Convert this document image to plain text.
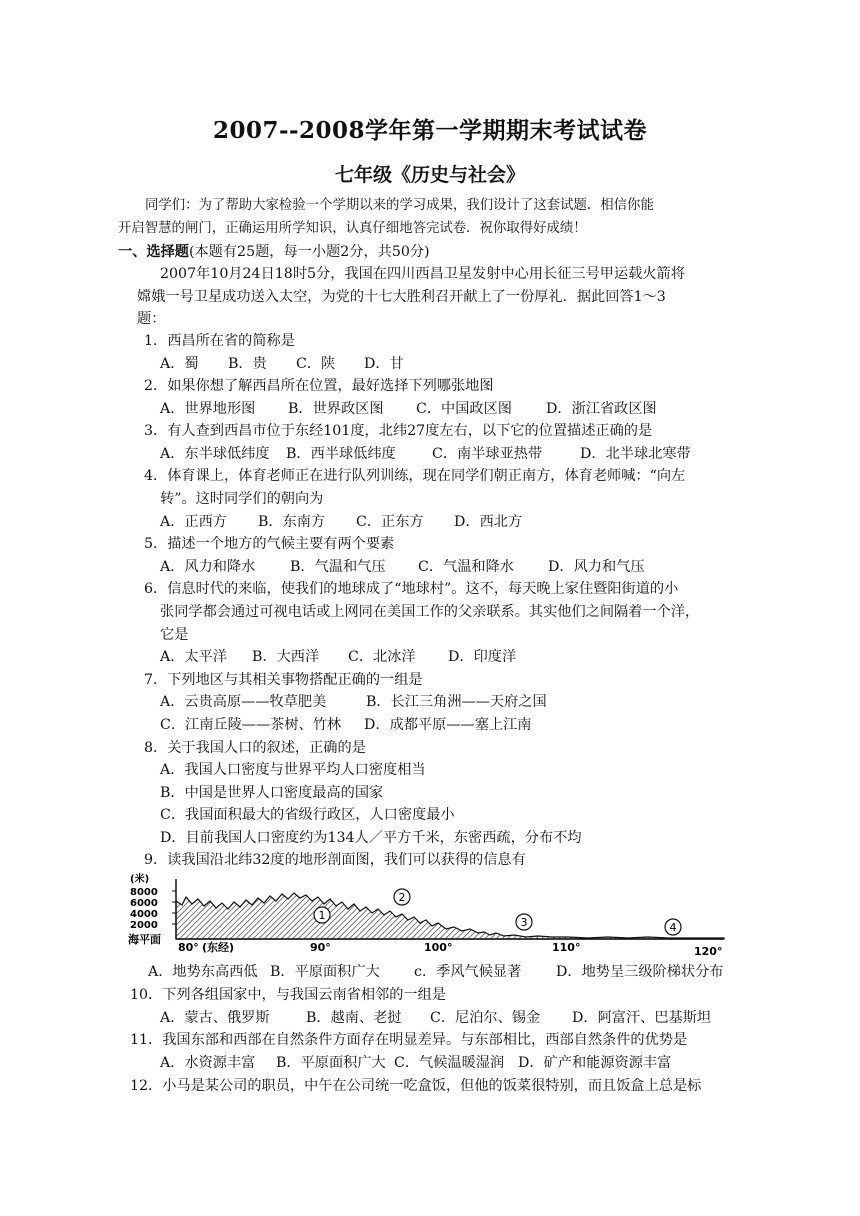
2007--2008学年第一学期期末考试试卷
七年级《历史与社会》
同学们：为了帮助大家检验一个学期以来的学习成果，我们设计了这套试题．相信你能
开启智慧的闸门，正确运用所学知识，认真仔细地答完试卷．祝你取得好成绩！
一、选择题(本题有25题，每一小题2分，共50分)
2007年10月24日18时5分，我国在四川西昌卫星发射中心用长征三号甲运载火箭将
嫦娥一号卫星成功送入太空，为党的十七大胜利召开献上了一份厚礼．据此回答1～3
题：
1．西昌所在省的简称是
A．蜀 B．贵 C．陕 D．甘
2．如果你想了解西昌所在位置，最好选择下列哪张地图
A．世界地形图 B．世界政区图 C．中国政区图 D．浙江省政区图
3．有人查到西昌市位于东经101度，北纬27度左右，以下它的位置描述正确的是
A．东半球低纬度 B．西半球低纬度	C．南半球亚热带	D．北半球北寒带
4．体育课上，体育老师正在进行队列训练，现在同学们朝正南方，体育老师喊：“向左
转”。这时同学们的朝向为
A．正西方 B．东南方 C．正东方 D．西北方
5．描述一个地方的气候主要有两个要素
A．风力和降水 B．气温和气压 C．气温和降水 D．风力和气压
6．信息时代的来临，使我们的地球成了“地球村”。这不，每天晚上家住暨阳街道的小
张同学都会通过可视电话或上网同在美国工作的父亲联系。其实他们之间隔着一个洋，
它是
A．太平洋 B．大西洋 C．北冰洋 D．印度洋
7．下列地区与其相关事物搭配正确的一组是
A．云贵高原——牧草肥美	B．长江三角洲——天府之国
C．江南丘陵——茶树、竹林 D．成都平原——塞上江南
8．关于我国人口的叙述，正确的是
A．我国人口密度与世界平均人口密度相当
B．中国是世界人口密度最高的国家
C．我国面积最大的省级行政区，人口密度最小
D．目前我国人口密度约为134人／平方千米，东密西疏，分布不均
9．读我国沿北纬32度的地形剖面图，我们可以获得的信息有
(米)
8000
6000
4000
2000
海平面
1
2
3	4
80° (东经)	90°	100°	110°	120°
A．地势东高西低 B．平原面积广大 c．季风气候显著 D．地势呈三级阶梯状分布
10．下列各组国家中，与我国云南省相邻的一组是
A．蒙古、俄罗斯	B．越南、老挝 C．尼泊尔、锡金 D．阿富汗、巴基斯坦
11．我国东部和西部在自然条件方面存在明显差异。与东部相比，西部自然条件的优势是
A．水资源丰富 B．平原面积广大 C．气候温暖湿润 D．矿产和能源资源丰富
12．小马是某公司的职员，中午在公司统一吃盒饭，但他的饭菜很特别，而且饭盒上总是标
